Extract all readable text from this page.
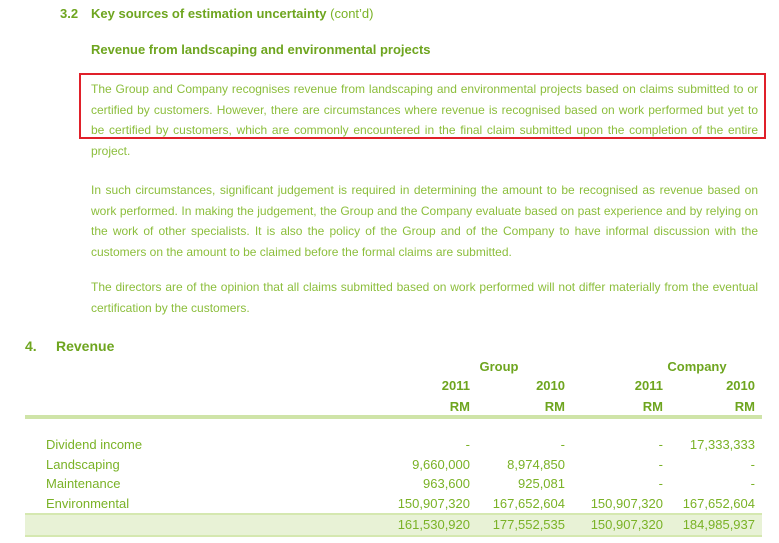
3.2 Key sources of estimation uncertainty (cont’d)
Revenue from landscaping and environmental projects
The Group and Company recognises revenue from landscaping and environmental projects based on claims submitted to or certified by customers. However, there are circumstances where revenue is recognised based on work performed but yet to be certified by customers, which are commonly encountered in the final claim submitted upon the completion of the entire project.
In such circumstances, significant judgement is required in determining the amount to be recognised as revenue based on work performed. In making the judgement, the Group and the Company evaluate based on past experience and by relying on the work of other specialists. It is also the policy of the Group and of the Company to have informal discussion with the customers on the amount to be claimed before the formal claims are submitted.
The directors are of the opinion that all claims submitted based on work performed will not differ materially from the eventual certification by the customers.
4. Revenue
Group	Company
2011	2010	2011	2010
RM	RM	RM	RM
Dividend income	-	-	-	17,333,333
Landscaping	9,660,000	8,974,850	-	-
Maintenance	963,600	925,081	-	-
Environmental	150,907,320	167,652,604	150,907,320	167,652,604
161,530,920	177,552,535	150,907,320	184,985,937
